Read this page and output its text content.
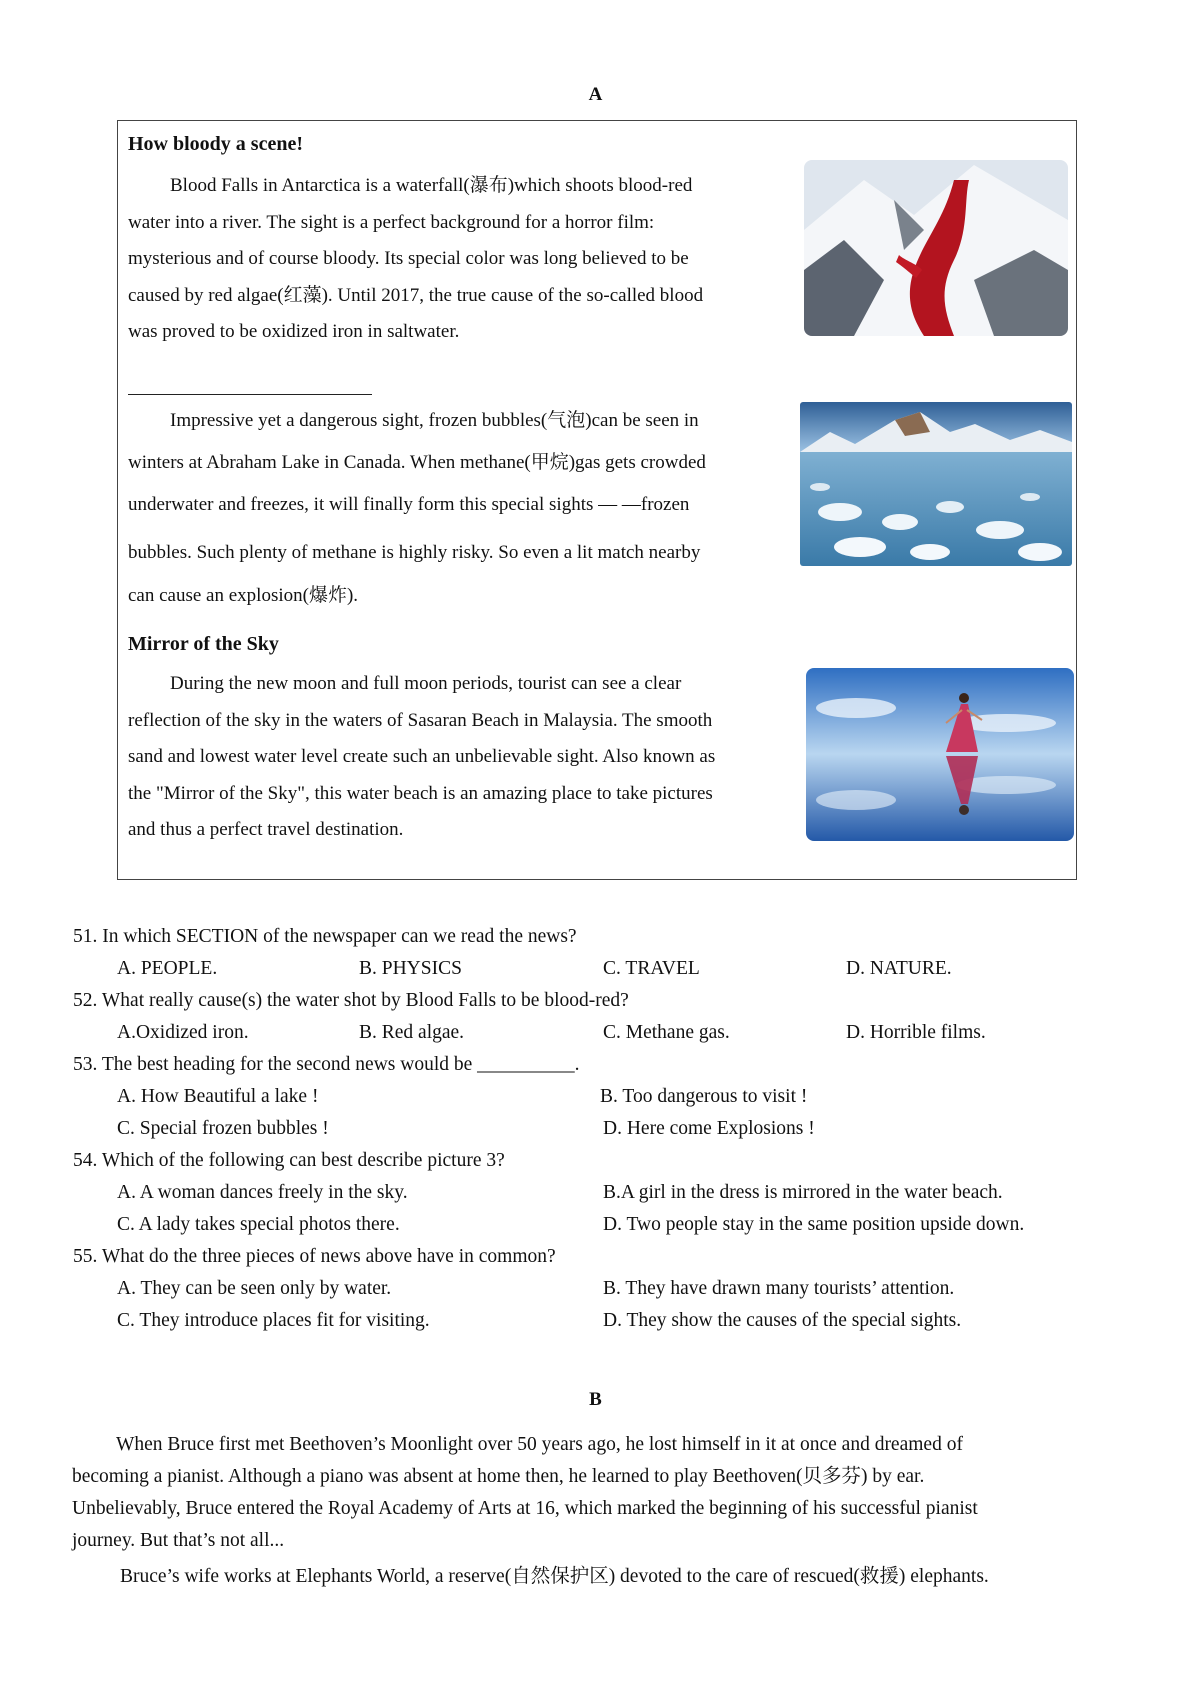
A
How bloody a scene!

Blood Falls in Antarctica is a waterfall(瀑布)which shoots blood-red

water into a river. The sight is a perfect background for a horror film:

mysterious and of course bloody. Its special color was long believed to be

caused by red algae(红藻). Until 2017, the true cause of the so-called blood

was proved to be oxidized iron in saltwater.

Impressive yet a dangerous sight, frozen bubbles(气泡)can be seen in

winters at Abraham Lake in Canada. When methane(甲烷)gas gets crowded

underwater and freezes, it will finally form this special sights — —frozen

bubbles. Such plenty of methane is highly risky. So even a lit match nearby

can cause an explosion(爆炸).

Mirror of the Sky

During the new moon and full moon periods, tourist can see a clear

reflection of the sky in the waters of Sasaran Beach in Malaysia. The smooth

sand and lowest water level create such an unbelievable sight. Also known as

the "Mirror of the Sky", this water beach is an amazing place to take pictures

and thus a perfect travel destination.

51. In which SECTION of the newspaper can we read the news?
A. PEOPLE.	B. PHYSICS	C. TRAVEL	D. NATURE.
52. What really cause(s) the water shot by Blood Falls to be blood-red?
A.Oxidized iron.	B. Red algae.	C. Methane gas.	D. Horrible films.
53. The best heading for the second news would be __________.
A. How Beautiful a lake !	B. Too dangerous to visit !
C. Special frozen bubbles !	D. Here come Explosions !
54. Which of the following can best describe picture 3?
A. A woman dances freely in the sky.	B.A girl in the dress is mirrored in the water beach.
C. A lady takes special photos there.	D. Two people stay in the same position upside down.
55. What do the three pieces of news above have in common?
A. They can be seen only by water.	B. They have drawn many tourists’ attention.
C. They introduce places fit for visiting.	D. They show the causes of the special sights.
B

When Bruce first met Beethoven’s Moonlight over 50 years ago, he lost himself in it at once and dreamed of

becoming a pianist. Although a piano was absent at home then, he learned to play Beethoven(贝多芬) by ear.

Unbelievably, Bruce entered the Royal Academy of Arts at 16, which marked the beginning of his successful pianist

journey. But that’s not all...

Bruce’s wife works at Elephants World, a reserve(自然保护区) devoted to the care of rescued(救援) elephants.
